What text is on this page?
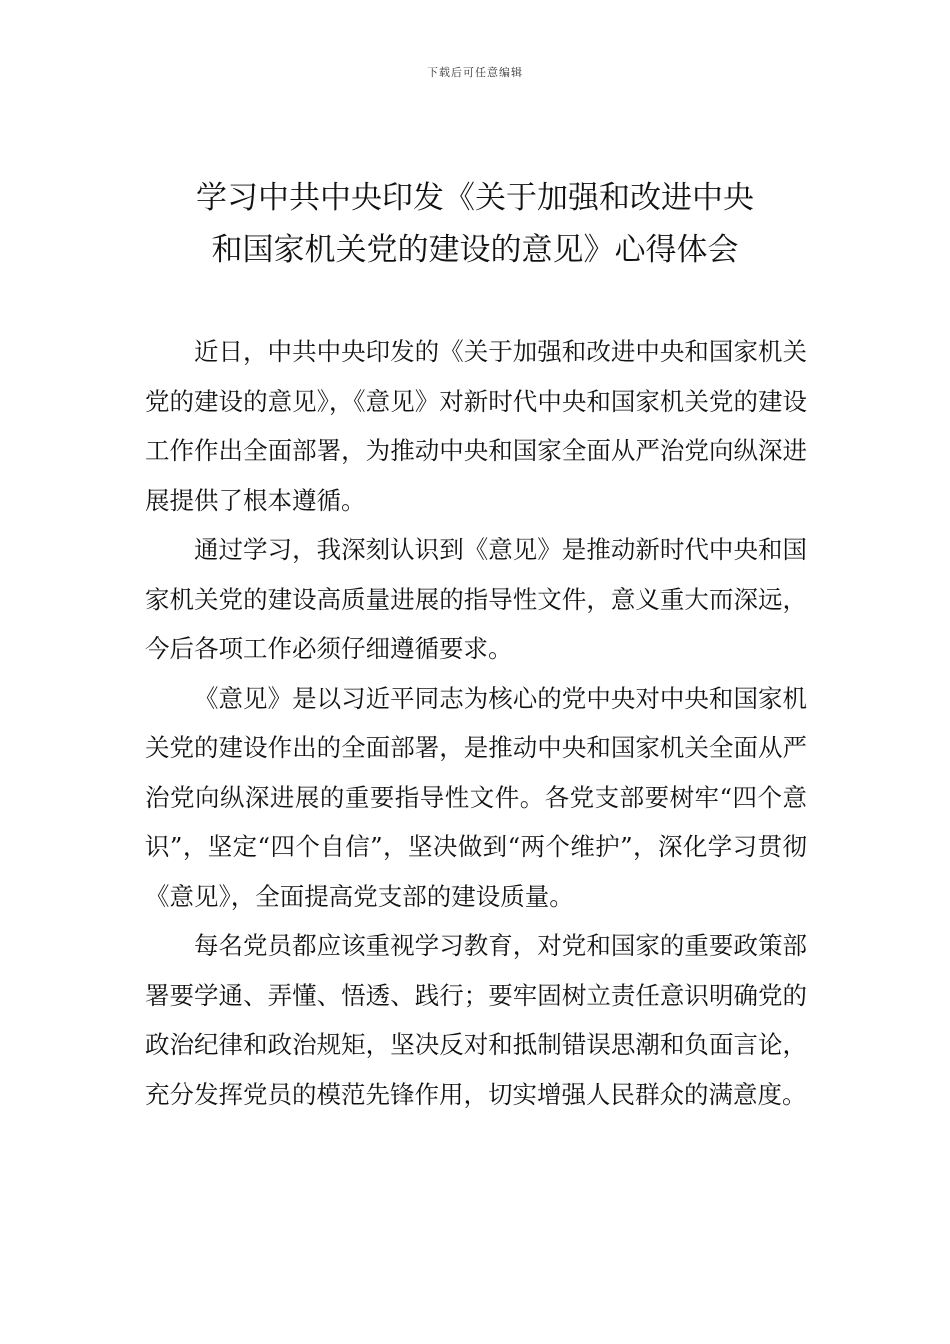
下载后可任意编辑
学习中共中央印发《关于加强和改进中央
和国家机关党的建设的意见》心得体会

近日，中共中央印发的《关于加强和改进中央和国家机关党的建设的意见》，《意见》对新时代中央和国家机关党的建设工作作出全面部署，为推动中央和国家全面从严治党向纵深进展提供了根本遵循。

通过学习，我深刻认识到《意见》是推动新时代中央和国家机关党的建设高质量进展的指导性文件，意义重大而深远，今后各项工作必须仔细遵循要求。

《意见》是以习近平同志为核心的党中央对中央和国家机关党的建设作出的全面部署，是推动中央和国家机关全面从严治党向纵深进展的重要指导性文件。各党支部要树牢“四个意识”，坚定“四个自信”，坚决做到“两个维护”，深化学习贯彻《意见》，全面提高党支部的建设质量。

每名党员都应该重视学习教育，对党和国家的重要政策部署要学通、弄懂、悟透、践行；要牢固树立责任意识明确党的政治纪律和政治规矩，坚决反对和抵制错误思潮和负面言论，充分发挥党员的模范先锋作用，切实增强人民群众的满意度。
